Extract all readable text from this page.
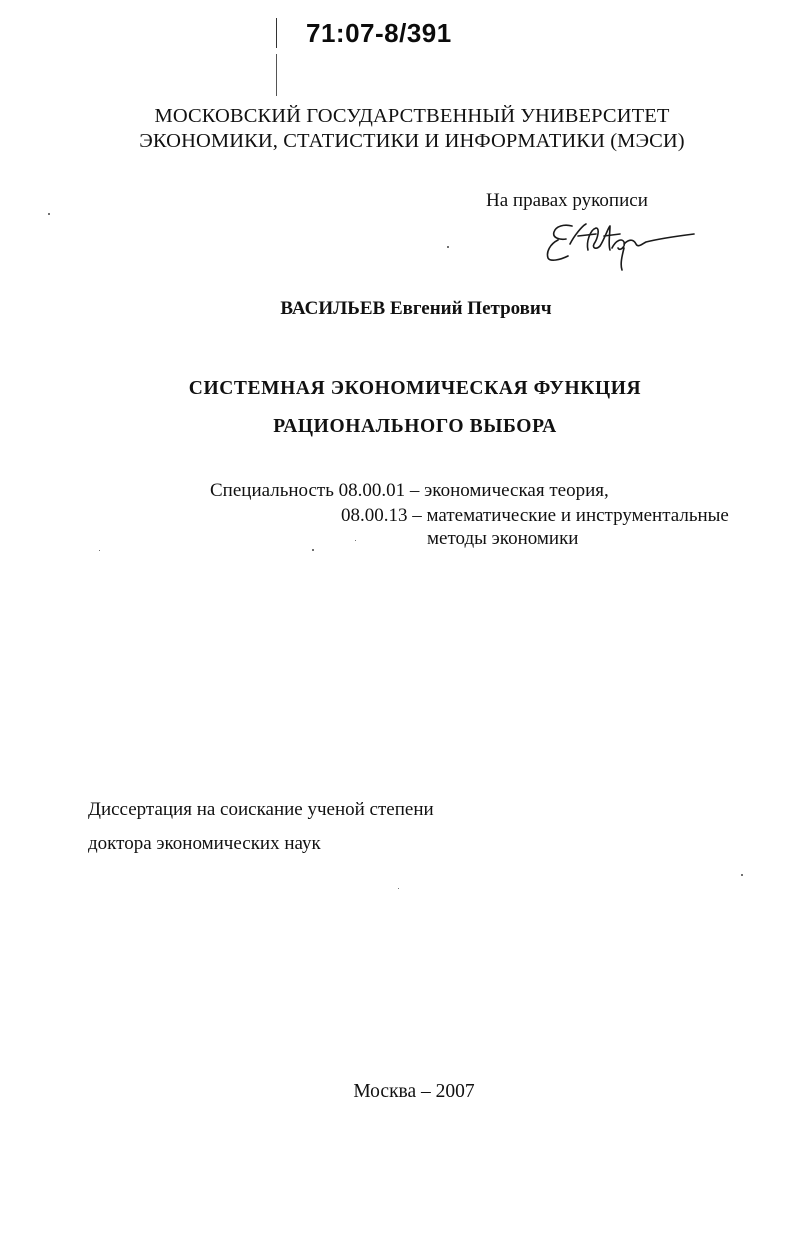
71:07-8/391
МОСКОВСКИЙ ГОСУДАРСТВЕННЫЙ УНИВЕРСИТЕТ
ЭКОНОМИКИ, СТАТИСТИКИ И ИНФОРМАТИКИ (МЭСИ)
На правах рукописи
ВАСИЛЬЕВ Евгений Петрович
СИСТЕМНАЯ ЭКОНОМИЧЕСКАЯ ФУНКЦИЯ
РАЦИОНАЛЬНОГО ВЫБОРА
Специальность 08.00.01 – экономическая теория,
08.00.13 – математические и инструментальные
методы экономики
Диссертация на соискание ученой степени
доктора экономических наук
Москва – 2007
